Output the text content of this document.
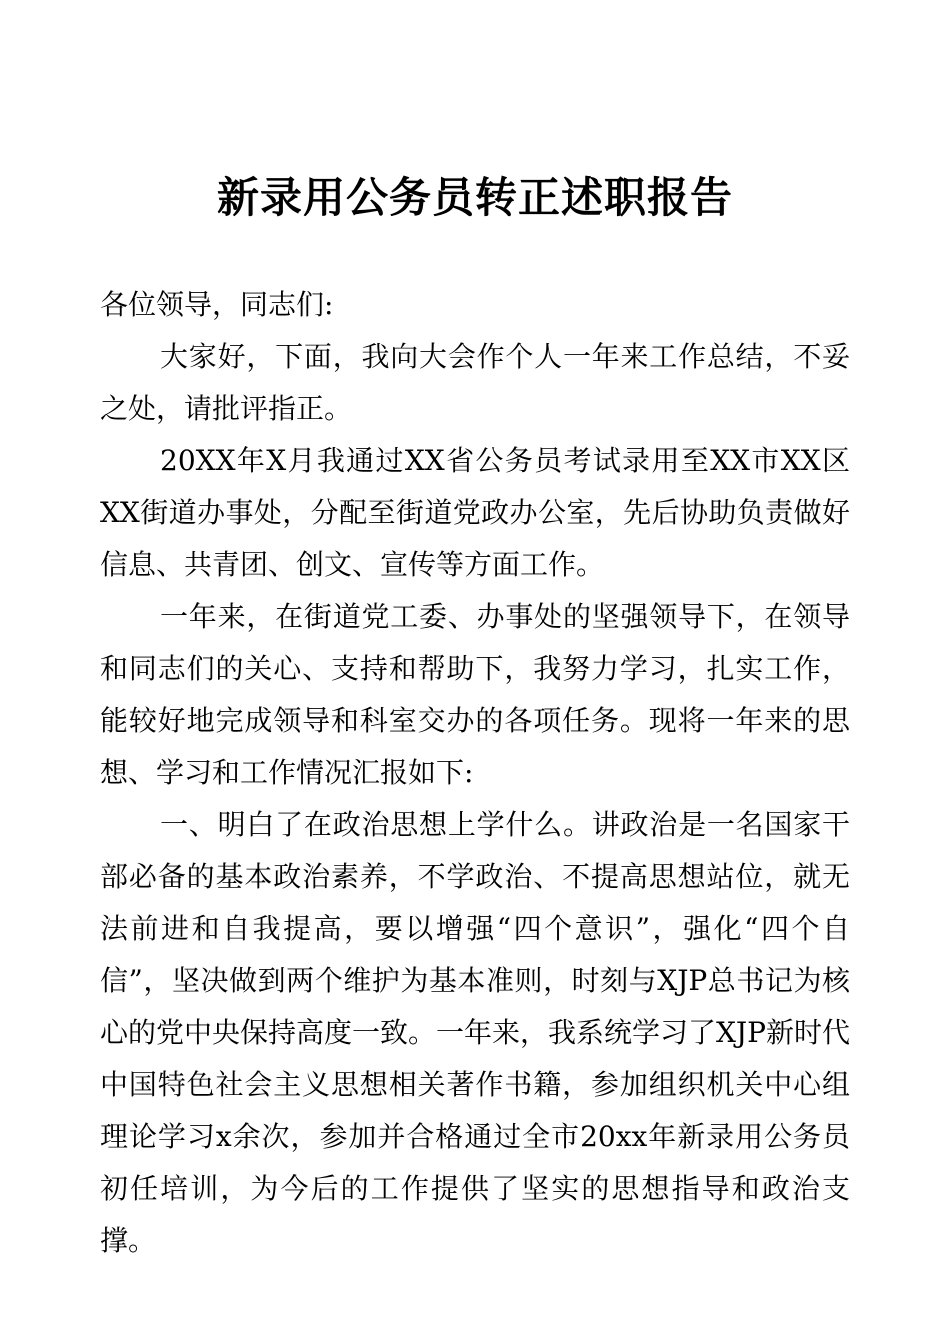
新录用公务员转正述职报告

各位领导，同志们:

大家好，下面，我向大会作个人一年来工作总结，不妥之处，请批评指正。

20XX年X月我通过XX省公务员考试录用至XX市XX区XX街道办事处，分配至街道党政办公室，先后协助负责做好信息、共青团、创文、宣传等方面工作。

一年来，在街道党工委、办事处的坚强领导下，在领导和同志们的关心、支持和帮助下，我努力学习，扎实工作，能较好地完成领导和科室交办的各项任务。现将一年来的思想、学习和工作情况汇报如下:

一、明白了在政治思想上学什么。讲政治是一名国家干部必备的基本政治素养，不学政治、不提高思想站位，就无法前进和自我提高，要以增强“四个意识”，强化“四个自信”，坚决做到两个维护为基本准则，时刻与XJP总书记为核心的党中央保持高度一致。一年来，我系统学习了XJP新时代中国特色社会主义思想相关著作书籍，参加组织机关中心组理论学习x余次，参加并合格通过全市20xx年新录用公务员初任培训，为今后的工作提供了坚实的思想指导和政治支撑。
